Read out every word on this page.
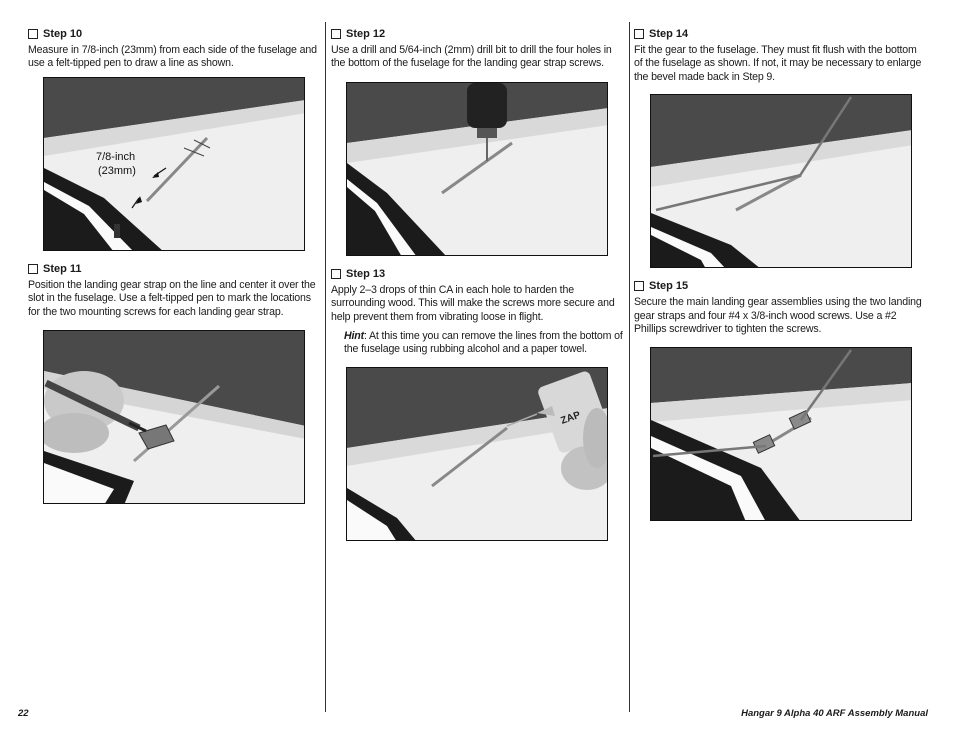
Step 10

Measure in 7/8-inch (23mm) from each side of the fuselage and use a felt-tipped pen to draw a line as shown.

7/8-inch
(23mm)
Step 11

Position the landing gear strap on the line and center it over the slot in the fuselage. Use a felt-tipped pen to mark the locations for the two mounting screws for each landing gear strap.

Step 12

Use a drill and 5/64-inch (2mm) drill bit to drill the four holes in the bottom of the fuselage for the landing gear strap screws.

Step 13

Apply 2–3 drops of thin CA in each hole to harden the surrounding wood. This will make the screws more secure and help prevent them from vibrating loose in flight.

Hint: At this time you can remove the lines from the bottom of the fuselage using rubbing alcohol and a paper towel.

ZAP
Step 14

Fit the gear to the fuselage. They must fit flush with the bottom of the fuselage as shown. If not, it may be necessary to enlarge the bevel made back in Step 9.

Step 15

Secure the main landing gear assemblies using the two landing gear straps and four #4 x 3/8-inch wood screws. Use a #2 Phillips screwdriver to tighten the screws.

22	Hangar 9 Alpha 40 ARF Assembly Manual
